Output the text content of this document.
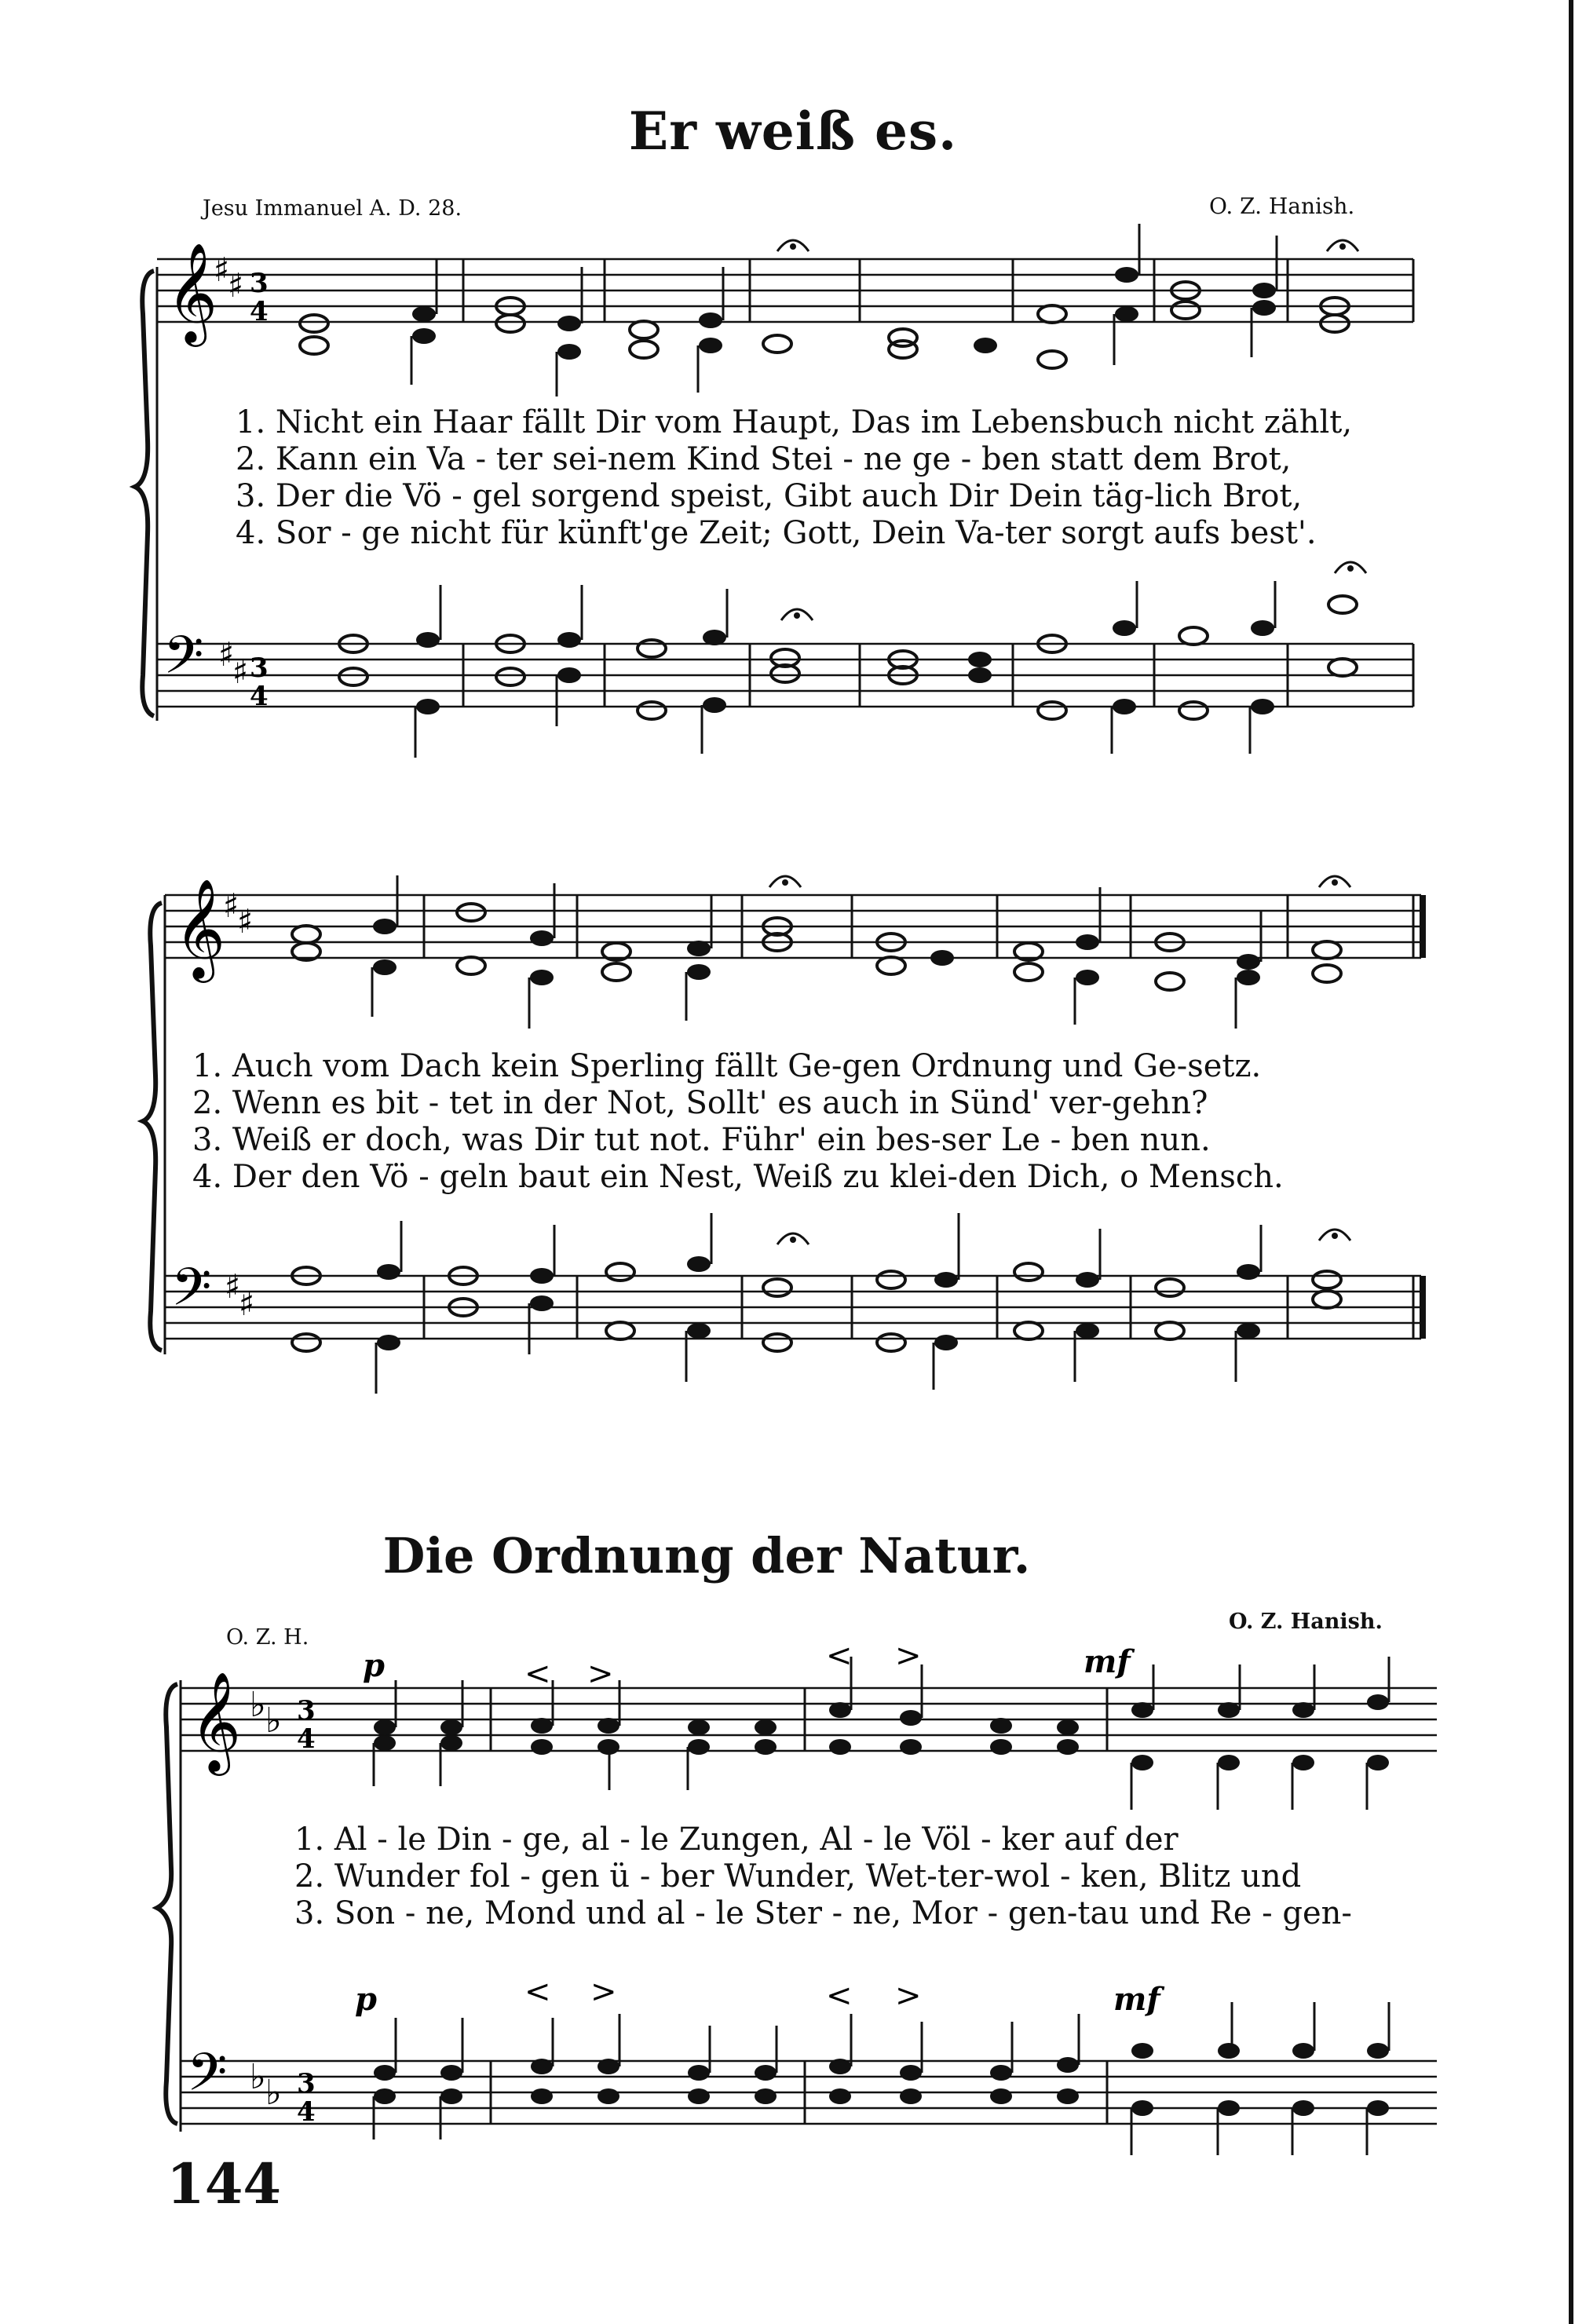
Er weiß es.
Jesu Immanuel A. D. 28.	O. Z. Hanish.
𝄞
♯
♯ 3
4
𝄢 ♯
♯ 3
4
1. Nicht ein Haar fällt Dir vom Haupt, Das im Lebensbuch nicht zählt,
2. Kann ein Va - ter sei-nem Kind Stei - ne ge - ben statt dem Brot,
3. Der die Vö - gel sorgend speist, Gibt auch Dir Dein täg-lich Brot,
4. Sor - ge nicht für künft'ge Zeit; Gott, Dein Va-ter sorgt aufs best'.
𝄞
♯
♯
𝄢 ♯
♯
1. Auch vom Dach kein Sperling fällt Ge-gen Ordnung und Ge-setz.
2. Wenn es bit - tet in der Not, Sollt' es auch in Sünd' ver-gehn?
3. Weiß er doch, was Dir tut not. Führ' ein bes-ser Le - ben nun.
4. Der den Vö - geln baut ein Nest, Weiß zu klei-den Dich, o Mensch.
Die Ordnung der Natur.
O. Z. H.
O. Z. Hanish.
𝄞 ♭ ♭ 3
4
𝄢 ♭ ♭ 3
4
p	< >	< >	mf
p	< >	< >	mf
1. Al - le Din - ge, al - le Zungen, Al - le Völ - ker auf der
2. Wunder fol - gen ü - ber Wunder, Wet-ter-wol - ken, Blitz und
3. Son - ne, Mond und al - le Ster - ne, Mor - gen-tau und Re - gen-
144
